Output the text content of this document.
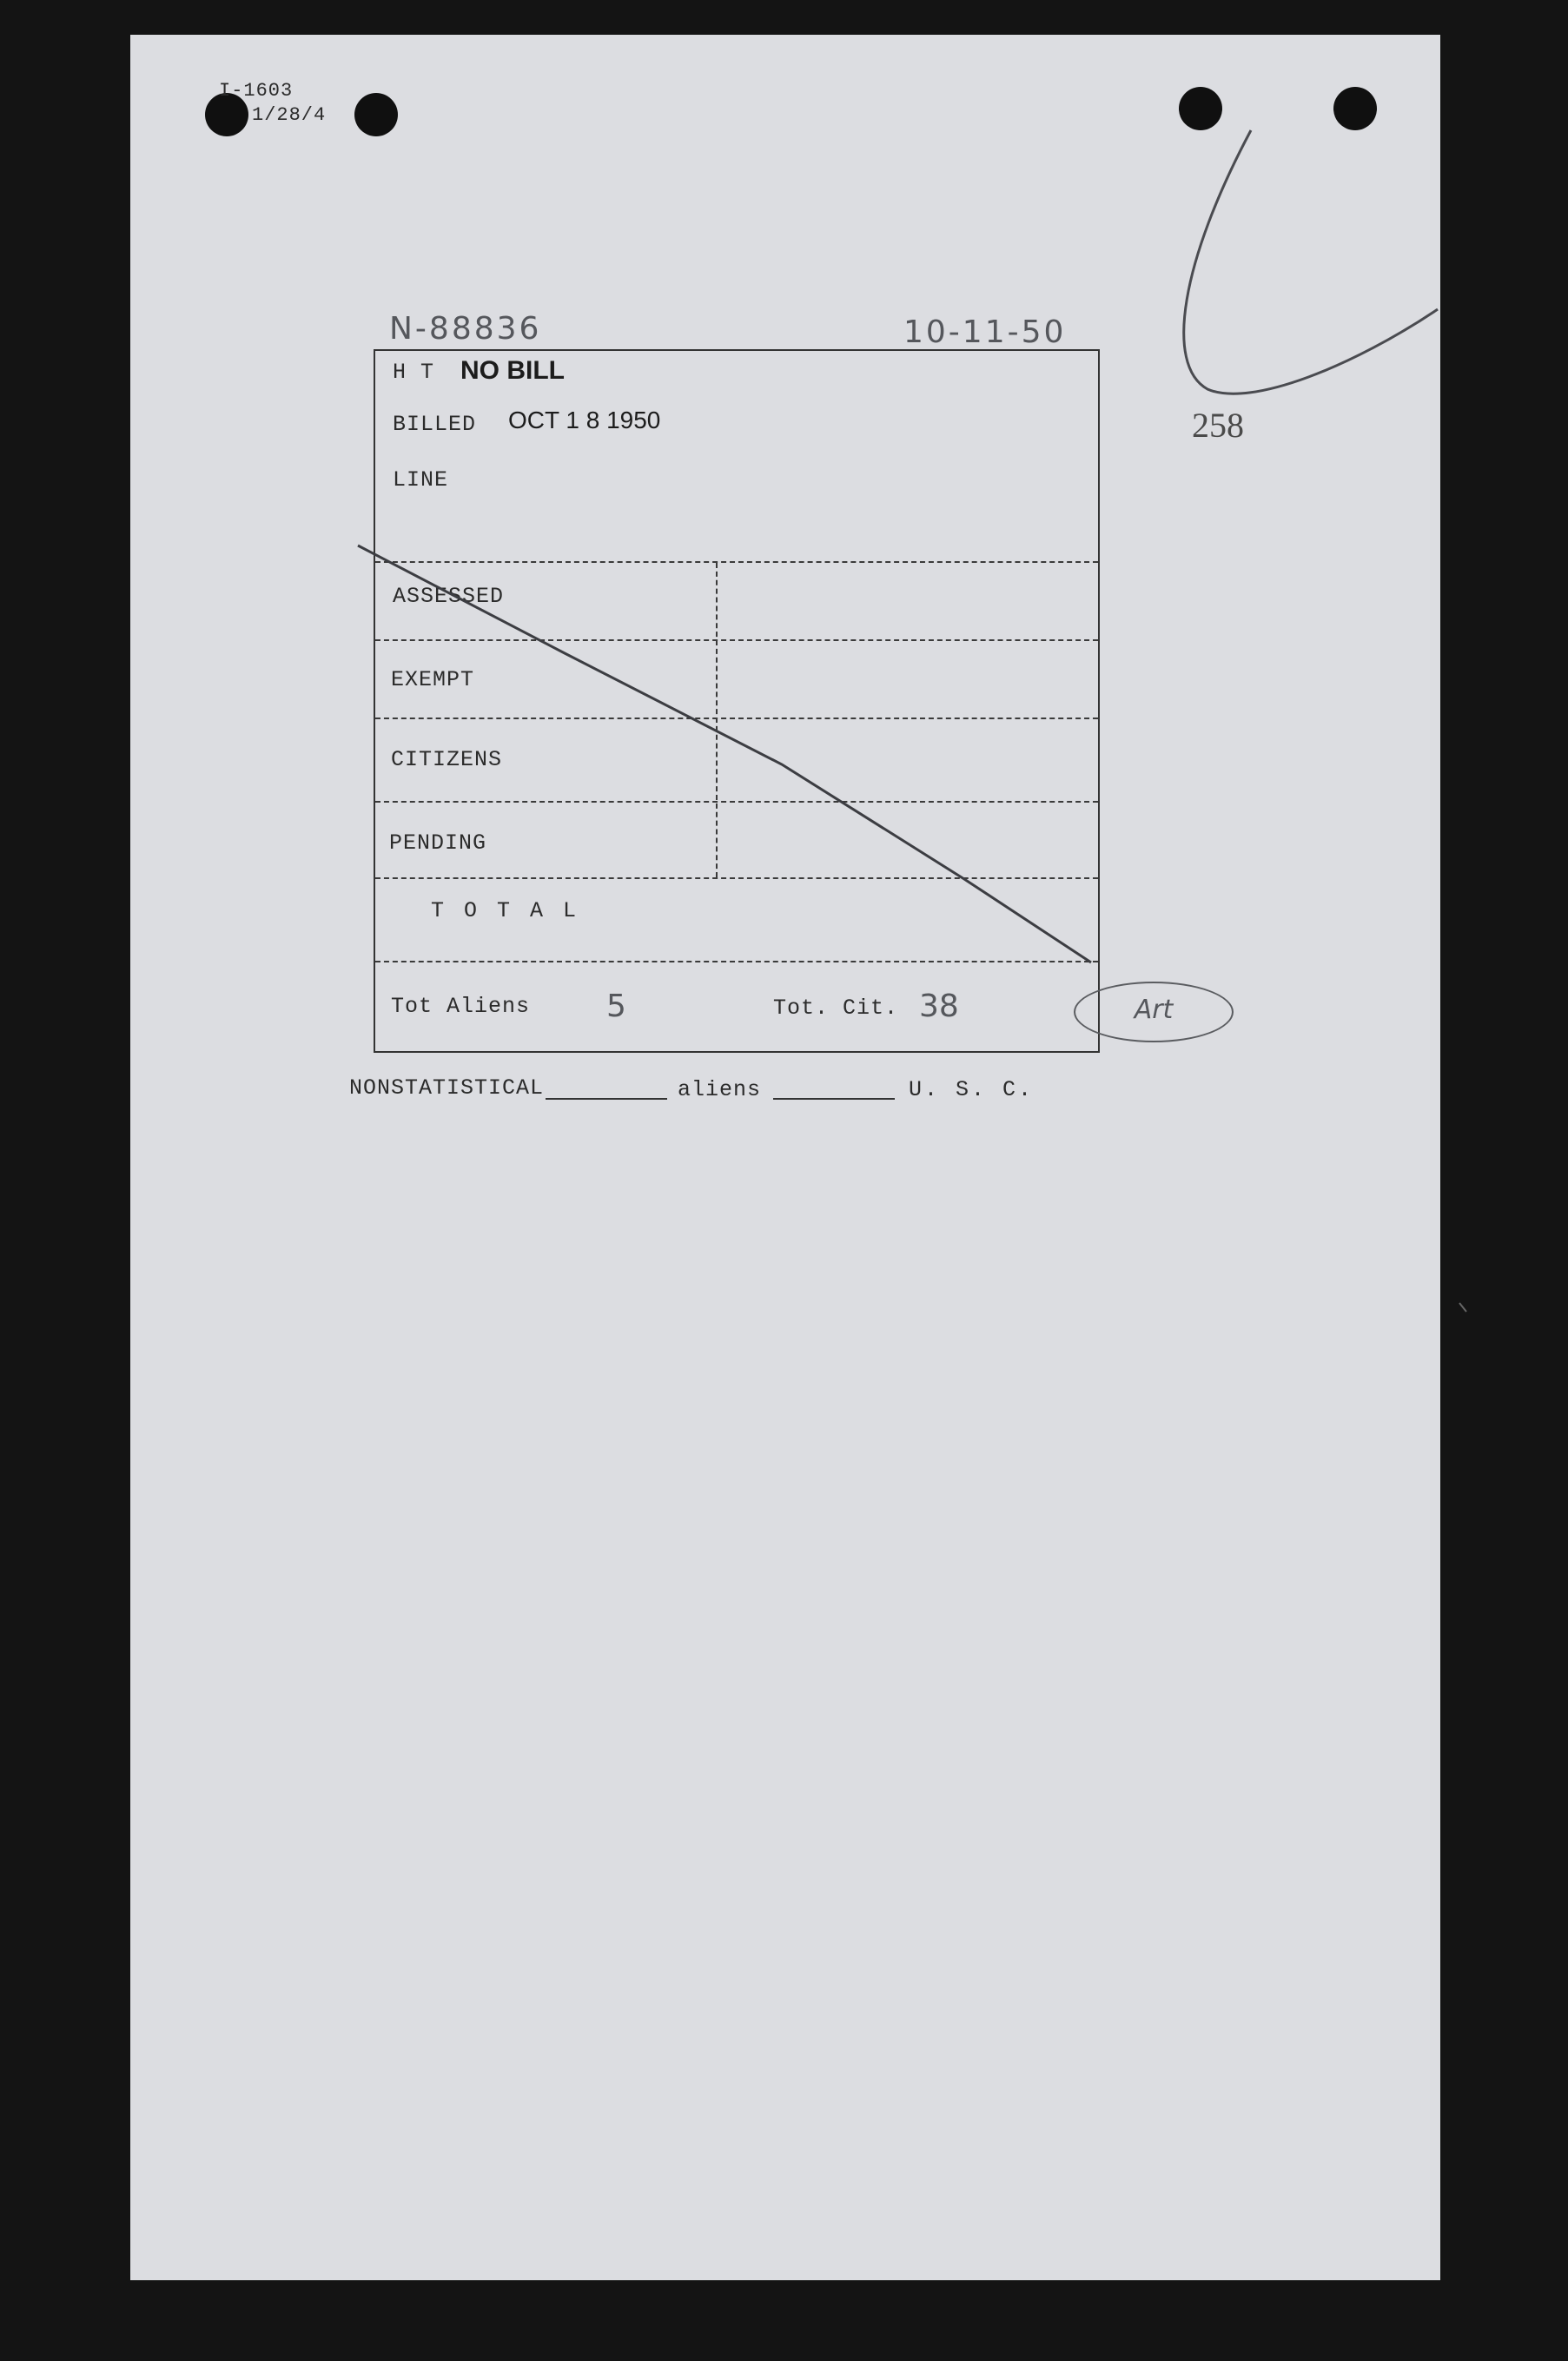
I-1603
1/28/4
N-88836	10-11-50
258
H T NO BILL
BILLED OCT 1 8 1950
LINE
ASSESSED
EXEMPT
CITIZENS
PENDING
T O T A L
Tot Aliens 5	Tot. Cit. 38	Art
NONSTATISTICAL	aliens	U. S. C.
